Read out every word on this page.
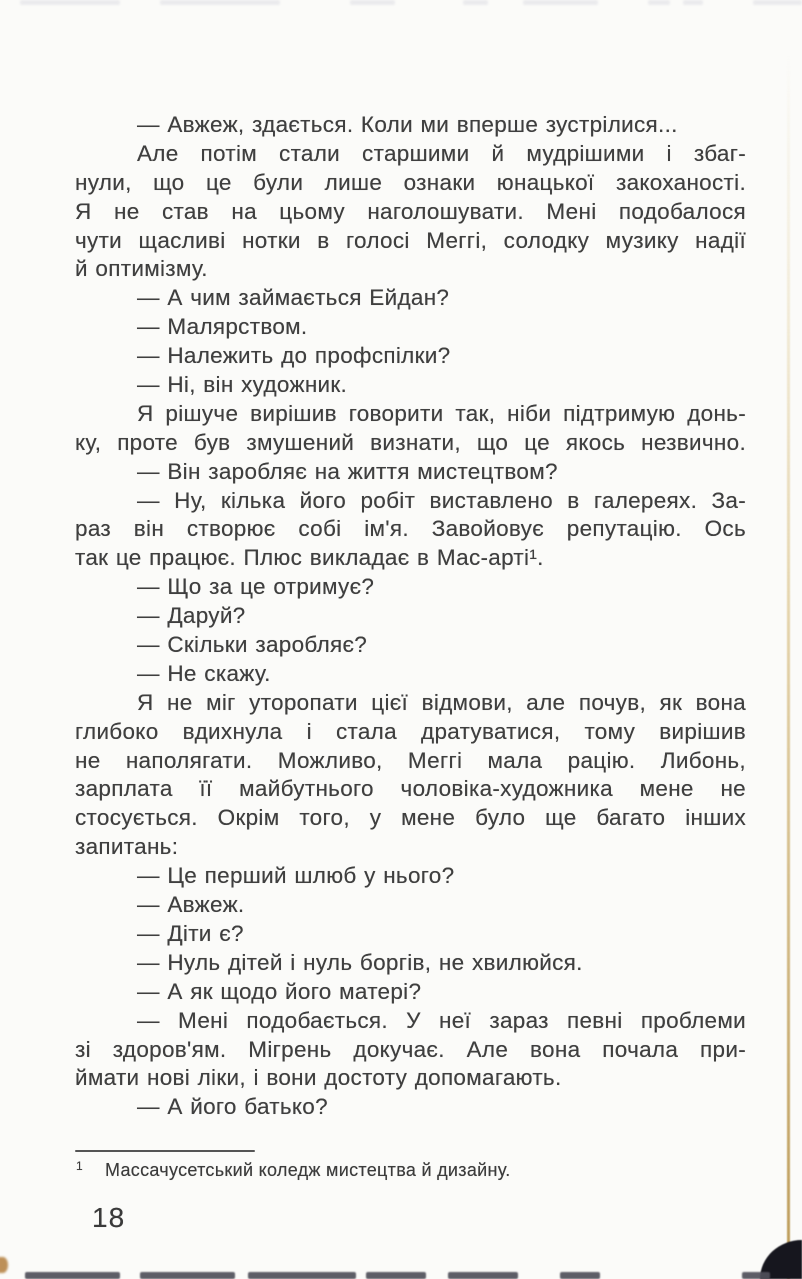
— Авжеж, здається. Коли ми вперше зустрілися...
Але потім стали старшими й мудрішими і збаг-
нули, що це були лише ознаки юнацької закоханості.
Я не став на цьому наголошувати. Мені подобалося
чути щасливі нотки в голосі Меггі, солодку музику надії
й оптимізму.
— А чим займається Ейдан?
— Малярством.
— Належить до профспілки?
— Ні, він художник.
Я рішуче вирішив говорити так, ніби підтримую донь-
ку, проте був змушений визнати, що це якось незвично.
— Він заробляє на життя мистецтвом?
— Ну, кілька його робіт виставлено в галереях. За-
раз він створює собі ім'я. Завойовує репутацію. Ось
так це працює. Плюс викладає в Мас-арті¹.
— Що за це отримує?
— Даруй?
— Скільки заробляє?
— Не скажу.
Я не міг уторопати цієї відмови, але почув, як вона
глибоко вдихнула і стала дратуватися, тому вирішив
не наполягати. Можливо, Меггі мала рацію. Либонь,
зарплата її майбутнього чоловіка-художника мене не
стосується. Окрім того, у мене було ще багато інших
запитань:
— Це перший шлюб у нього?
— Авжеж.
— Діти є?
— Нуль дітей і нуль боргів, не хвилюйся.
— А як щодо його матері?
— Мені подобається. У неї зараз певні проблеми
зі здоров'ям. Мігрень докучає. Але вона почала при-
ймати нові ліки, і вони достоту допомагають.
— А його батько?
$^1$ Массачусетський коледж мистецтва й дизайну.
18
